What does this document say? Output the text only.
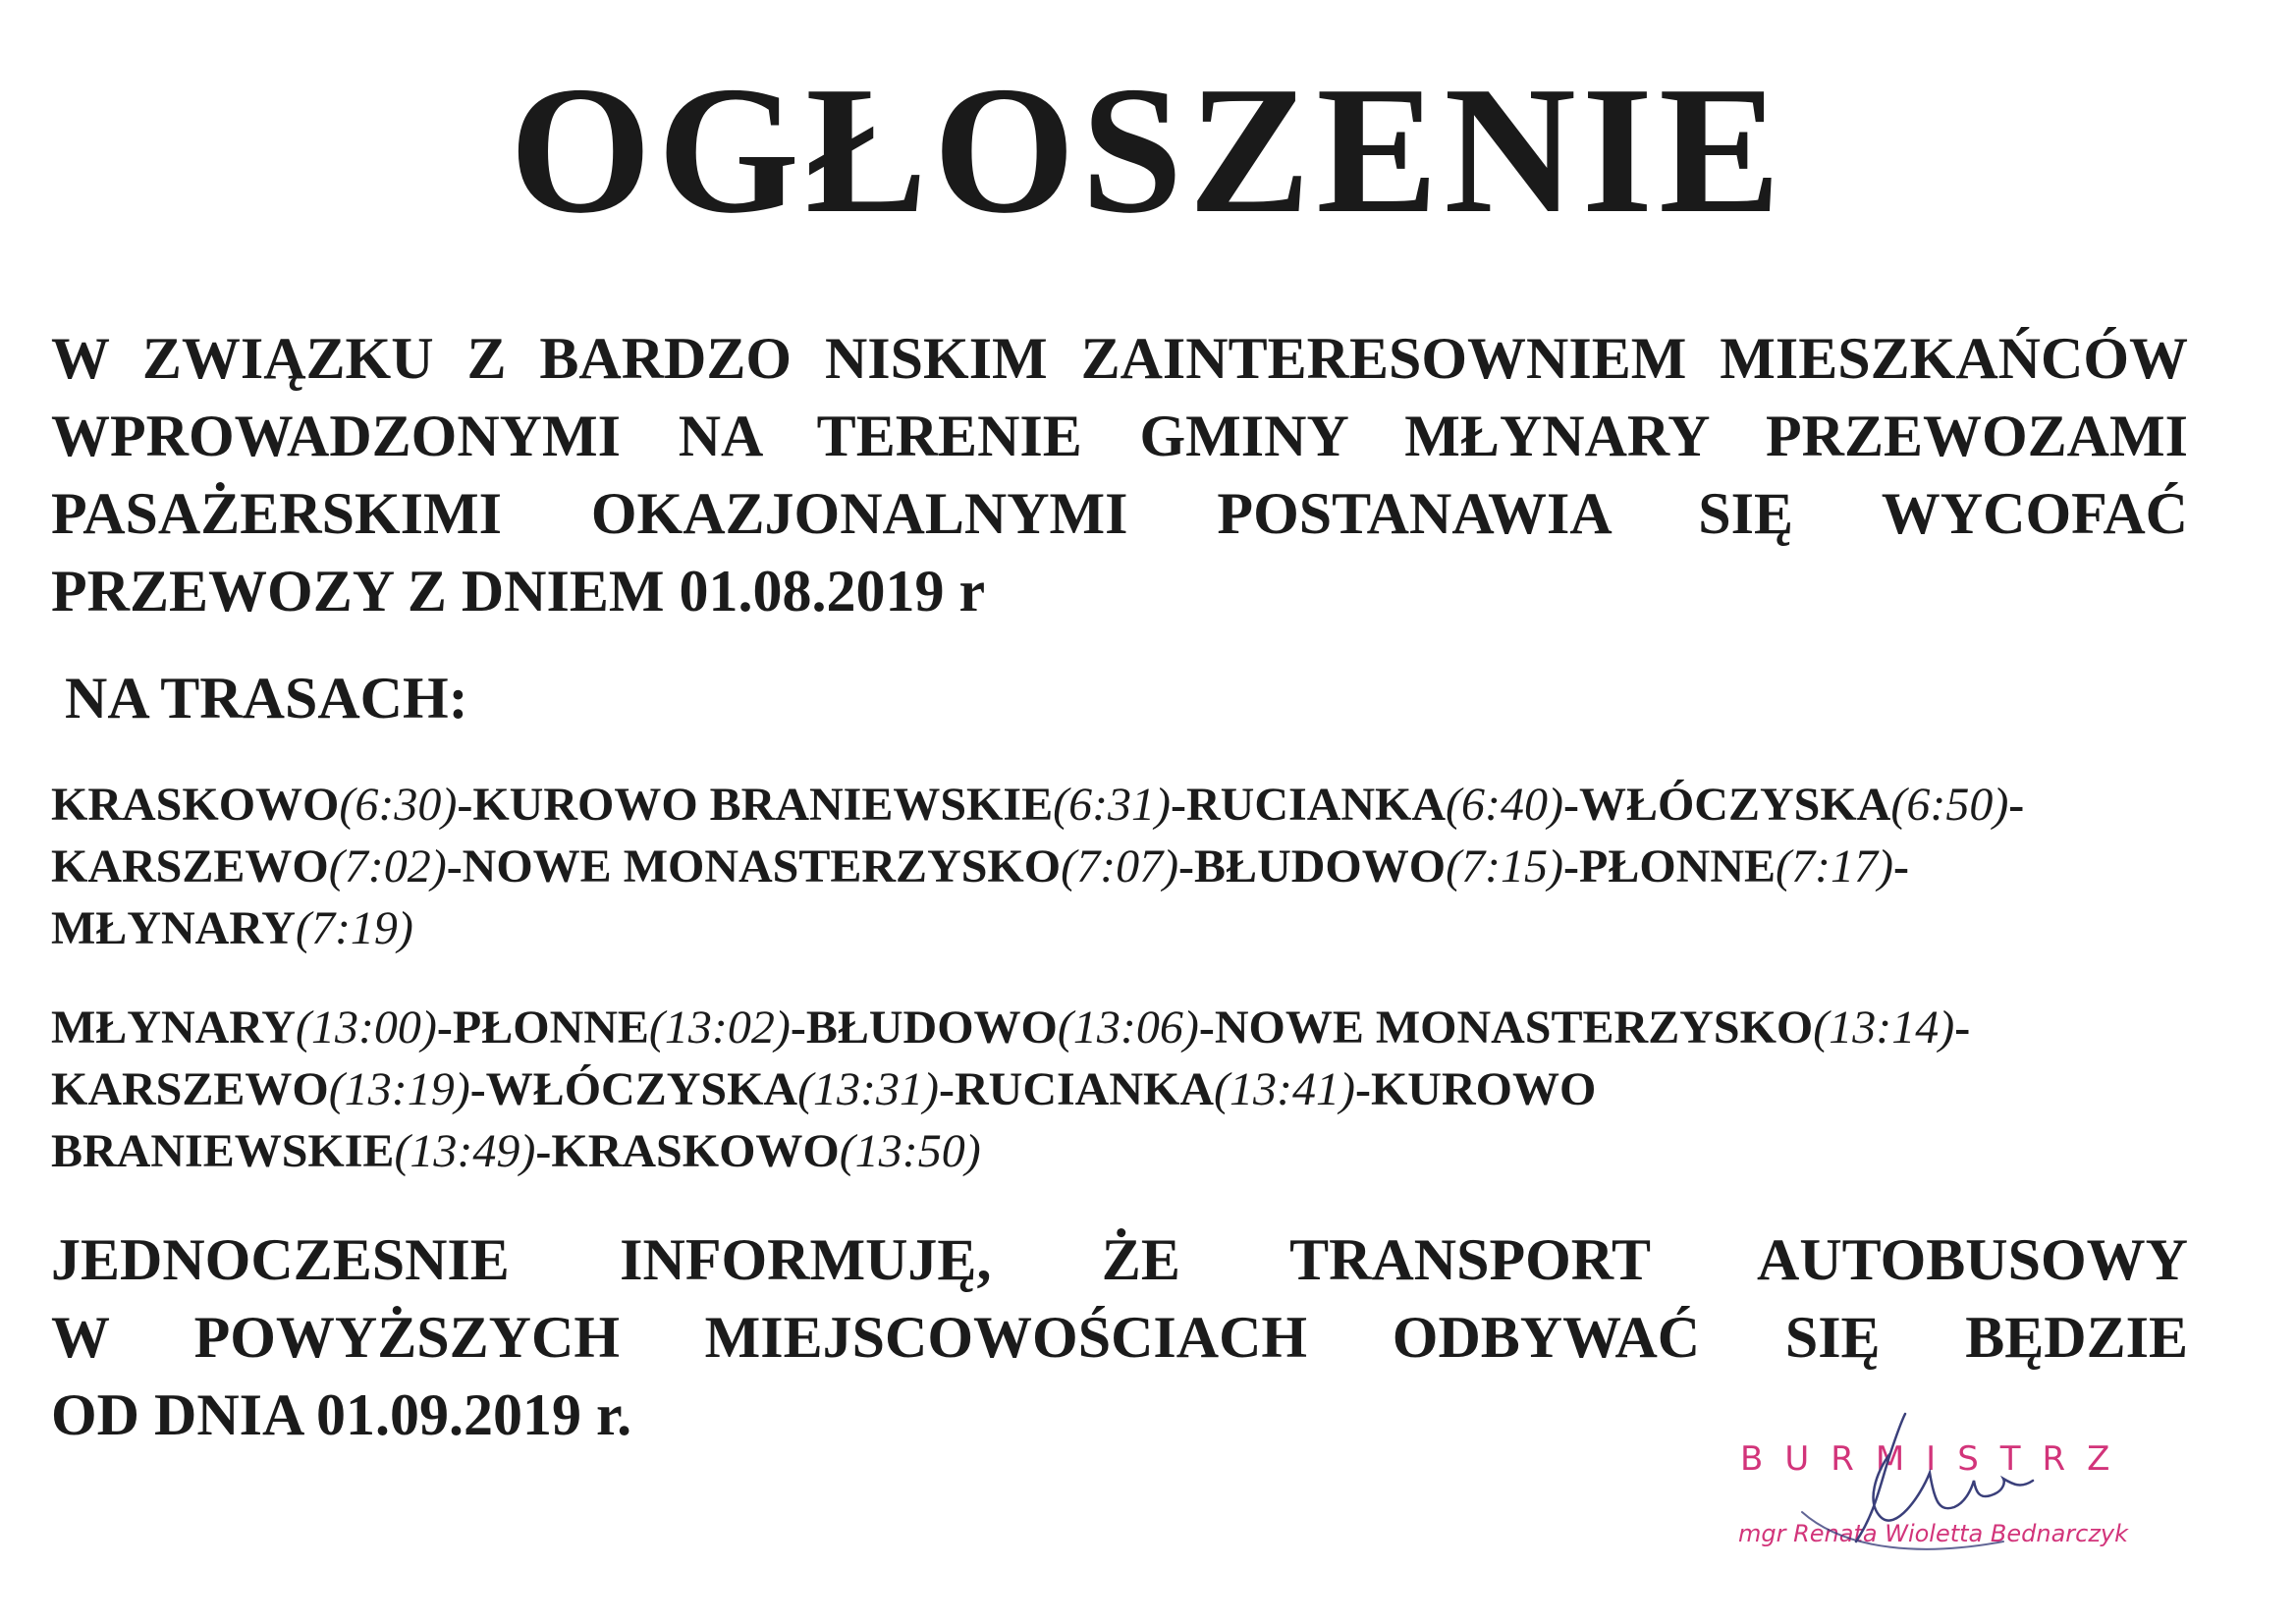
OGŁOSZENIE
W ZWIĄZKU Z BARDZO NISKIM ZAINTERESOWNIEM MIESZKAŃCÓW
WPROWADZONYMI NA TERENIE GMINY MŁYNARY PRZEWOZAMI
PASAŻERSKIMI OKAZJONALNYMI POSTANAWIA SIĘ WYCOFAĆ
PRZEWOZY Z DNIEM 01.08.2019 r
NA TRASACH:
KRASKOWO(6:30)-KUROWO BRANIEWSKIE(6:31)-RUCIANKA(6:40)-WŁÓCZYSKA(6:50)-
KARSZEWO(7:02)-NOWE MONASTERZYSKO(7:07)-BŁUDOWO(7:15)-PŁONNE(7:17)-
MŁYNARY(7:19)
MŁYNARY(13:00)-PŁONNE(13:02)-BŁUDOWO(13:06)-NOWE MONASTERZYSKO(13:14)-
KARSZEWO(13:19)-WŁÓCZYSKA(13:31)-RUCIANKA(13:41)-KUROWO
BRANIEWSKIE(13:49)-KRASKOWO(13:50)
JEDNOCZESNIE INFORMUJĘ, ŻE TRANSPORT AUTOBUSOWY
W POWYŻSZYCH MIEJSCOWOŚCIACH ODBYWAĆ SIĘ BĘDZIE
OD DNIA 01.09.2019 r.
BURMISTRZ
mgr Renata Wioletta Bednarczyk
